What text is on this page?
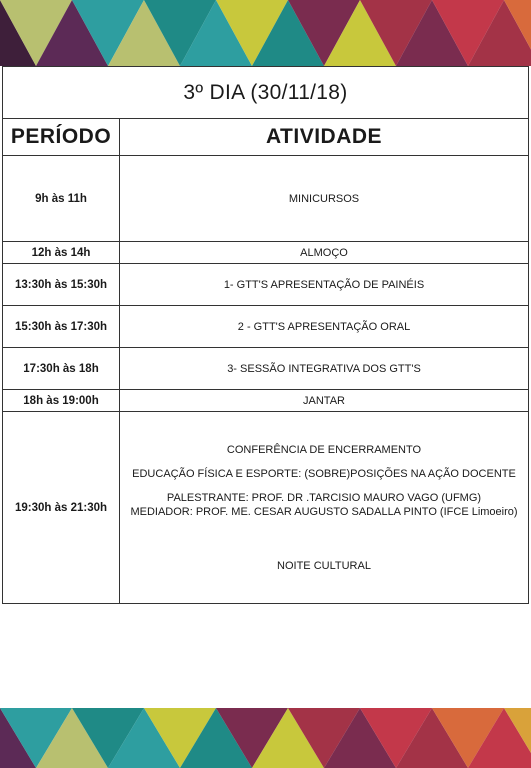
3º DIA (30/11/18)	
PERÍODO	ATIVIDADE
9h às 11h	MINICURSOS
12h às 14h	ALMOÇO
13:30h às 15:30h	1- GTT'S APRESENTAÇÃO DE PAINÉIS
15:30h às 17:30h	2 - GTT'S APRESENTAÇÃO ORAL
17:30h às 18h	3- SESSÃO INTEGRATIVA DOS GTT'S
18h às 19:00h	JANTAR
19:30h às 21:30h	CONFERÊNCIA DE ENCERRAMENTO

EDUCAÇÃO FÍSICA E ESPORTE: (SOBRE)POSIÇÕES NA AÇÃO DOCENTE

PALESTRANTE: PROF. DR .TARCISIO MAURO VAGO (UFMG)

MEDIADOR: PROF. ME. CESAR AUGUSTO SADALLA PINTO (IFCE Limoeiro)

NOITE CULTURAL
